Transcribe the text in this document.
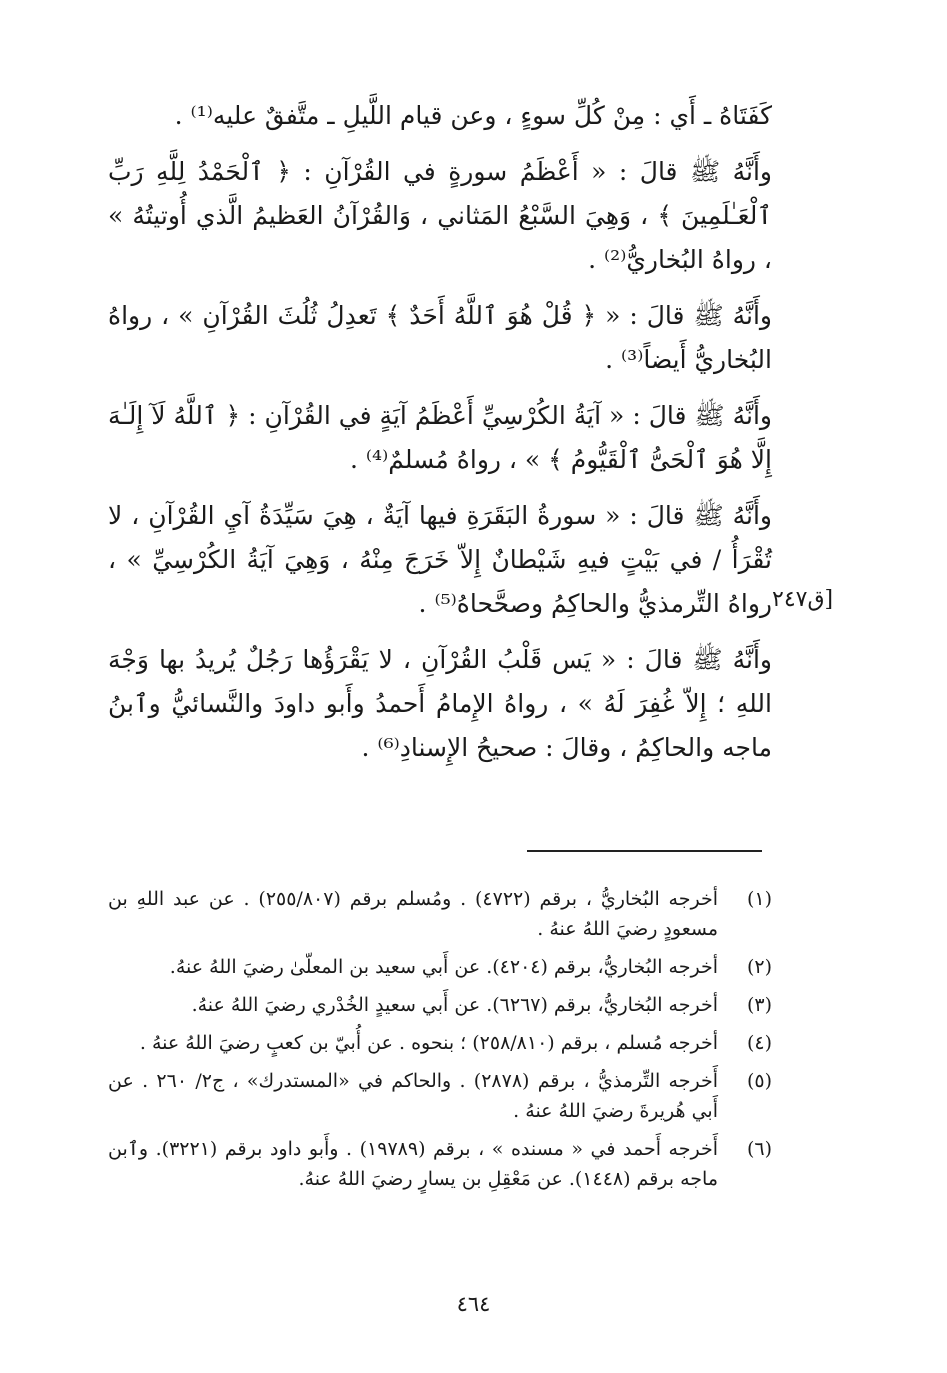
كَفَتَاهُ ـ أَي : مِنْ كُلِّ سوءٍ ، وعن قيام اللَّيلِ ـ متَّفقٌ عليه⁽¹⁾ .

وأَنَّهُ ﷺ قالَ : « أَعْظَمُ سورةٍ في القُرْآنِ : ﴿ ٱلْحَمْدُ لِلَّهِ رَبِّ ٱلْعَـٰلَمِينَ ﴾ ، وَهِيَ السَّبْعُ المَثاني ، وَالقُرْآنُ العَظيمُ الَّذي أُوتيتُهُ » ، رواهُ البُخاريُّ⁽²⁾ .

وأَنَّهُ ﷺ قالَ : « ﴿ قُلْ هُوَ ٱللَّهُ أَحَدٌ ﴾ تَعدِلُ ثُلُثَ القُرْآنِ » ، رواهُ البُخاريُّ أَيضاً⁽³⁾ .

وأَنَّهُ ﷺ قالَ : « آيَةُ الكُرْسِيِّ أَعْظَمُ آيَةٍ في القُرْآنِ : ﴿ ٱللَّهُ لَآ إِلَـٰهَ إِلَّا هُوَ ٱلْحَىُّ ٱلْقَيُّومُ ﴾ » ، رواهُ مُسلمٌ⁽⁴⁾ .

وأَنَّهُ ﷺ قالَ : « سورةُ البَقَرَةِ فيها آيَةٌ ، هِيَ سَيِّدَةُ آيِ القُرْآنِ ، لا تُقْرَأُ / في بَيْتٍ فيهِ شَيْطانٌ إِلاّ خَرَجَ مِنْهُ ، وَهِيَ آيَةُ الكُرْسِيِّ » ، رواهُ التِّرمذيُّ والحاكِمُ وصحَّحاهُ⁽⁵⁾ .

وأَنَّهُ ﷺ قالَ : « يَس قَلْبُ القُرْآنِ ، لا يَقْرَؤُها رَجُلٌ يُريدُ بها وَجْهَ اللهِ ؛ إِلاّ غُفِرَ لَهُ » ، رواهُ الإِمامُ أَحمدُ وأَبو داودَ والنَّسائيُّ وٱبنُ ماجه والحاكِمُ ، وقالَ : صحيحُ الإِسنادِ⁽⁶⁾ .

[ق٢٤٧
(١)
أخرجه البُخاريُّ ، برقم (٤٧٢٢) . ومُسلم برقم (٢٥٥/٨٠٧) . عن عبد اللهِ بن مسعودٍ رضيَ اللهُ عنهُ .
(٢)
أخرجه البُخاريُّ، برقم (٤٢٠٤). عن أَبي سعيد بن المعلّىٰ رضيَ اللهُ عنهُ.
(٣)
أخرجه البُخاريُّ، برقم (٦٢٦٧). عن أَبي سعيدٍ الخُدْري رضيَ اللهُ عنهُ.
(٤)
أخرجه مُسلم ، برقم (٢٥٨/٨١٠) ؛ بنحوه . عن أُبيّ بن كعبٍ رضيَ اللهُ عنهُ .
(٥)
أَخرجه التِّرمذيُّ ، برقم (٢٨٧٨) . والحاكم في «المستدرك» ، ج٢/ ٢٦٠ . عن أَبي هُريرةَ رضيَ اللهُ عنهُ .
(٦)
أَخرجه أَحمد في « مسنده » ، برقم (١٩٧٨٩) . وأَبو داود برقم (٣٢٢١). وٱبن ماجه برقم (١٤٤٨). عن مَعْقِلِ بن يسارٍ رضيَ اللهُ عنهُ.
٤٦٤
